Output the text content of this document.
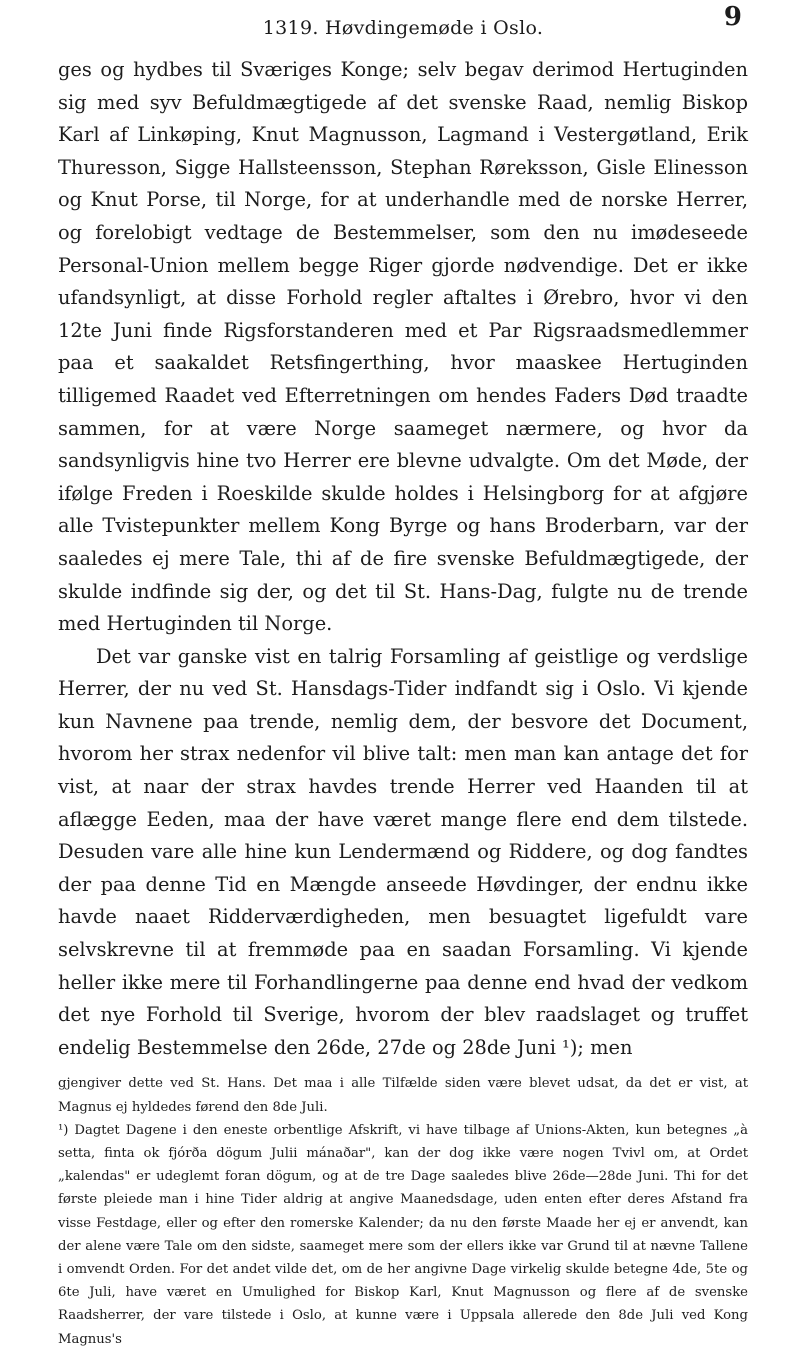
1319. Høvdingemøde i Oslo.	9

ges og hydbes til Sværiges Konge; selv begav derimod Hertuginden sig med syv Befuldmægtigede af det svenske Raad, nemlig Biskop Karl af Linkøping, Knut Magnusson, Lagmand i Vestergøtland, Erik Thuresson, Sigge Hallsteensson, Stephan Røreksson, Gisle Elinesson og Knut Porse, til Norge, for at underhandle med de norske Herrer, og forelobigt vedtage de Bestemmelser, som den nu imødeseede Personal-Union mellem begge Riger gjorde nødvendige. Det er ikke ufandsynligt, at disse Forhold regler aftaltes i Ørebro, hvor vi den 12te Juni finde Rigsforstanderen med et Par Rigsraadsmedlemmer paa et saakaldet Retsfingerthing, hvor maaskee Hertuginden tilligemed Raadet ved Efterretningen om hendes Faders Død traadte sammen, for at være Norge saameget nærmere, og hvor da sandsynligvis hine tvo Herrer ere blevne udvalgte. Om det Møde, der ifølge Freden i Roeskilde skulde holdes i Helsingborg for at afgjøre alle Tvistepunkter mellem Kong Byrge og hans Broderbarn, var der saaledes ej mere Tale, thi af de fire svenske Befuldmægtigede, der skulde indfinde sig der, og det til St. Hans-Dag, fulgte nu de trende med Hertuginden til Norge.

Det var ganske vist en talrig Forsamling af geistlige og verdslige Herrer, der nu ved St. Hansdags-Tider indfandt sig i Oslo. Vi kjende kun Navnene paa trende, nemlig dem, der besvore det Document, hvorom her strax nedenfor vil blive talt: men man kan antage det for vist, at naar der strax havdes trende Herrer ved Haanden til at aflægge Eeden, maa der have været mange flere end dem tilstede. Desuden vare alle hine kun Lendermænd og Riddere, og dog fandtes der paa denne Tid en Mængde anseede Høvdinger, der endnu ikke havde naaet Ridderværdigheden, men besuagtet ligefuldt vare selvskrevne til at fremmøde paa en saadan Forsamling. Vi kjende heller ikke mere til Forhandlingerne paa denne end hvad der vedkom det nye Forhold til Sverige, hvorom der blev raadslaget og truffet endelig Bestemmelse den 26de, 27de og 28de Juni ¹); men

gjengiver dette ved St. Hans. Det maa i alle Tilfælde siden være blevet udsat, da det er vist, at Magnus ej hyldedes førend den 8de Juli.

¹) Dagtet Dagene i den eneste orbentlige Afskrift, vi have tilbage af Unions-Akten, kun betegnes „à setta, finta ok fjórða dögum Julii mánaðar", kan der dog ikke være nogen Tvivl om, at Ordet „kalendas" er udeglemt foran dögum, og at de tre Dage saaledes blive 26de—28de Juni. Thi for det første pleiede man i hine Tider aldrig at angive Maanedsdage, uden enten efter deres Afstand fra visse Festdage, eller og efter den romerske Kalender; da nu den første Maade her ej er anvendt, kan der alene være Tale om den sidste, saameget mere som der ellers ikke var Grund til at nævne Tallene i omvendt Orden. For det andet vilde det, om de her angivne Dage virkelig skulde betegne 4de, 5te og 6te Juli, have været en Umulighed for Biskop Karl, Knut Magnusson og flere af de svenske Raadsherrer, der vare tilstede i Oslo, at kunne være i Uppsala allerede den 8de Juli ved Kong Magnus's
